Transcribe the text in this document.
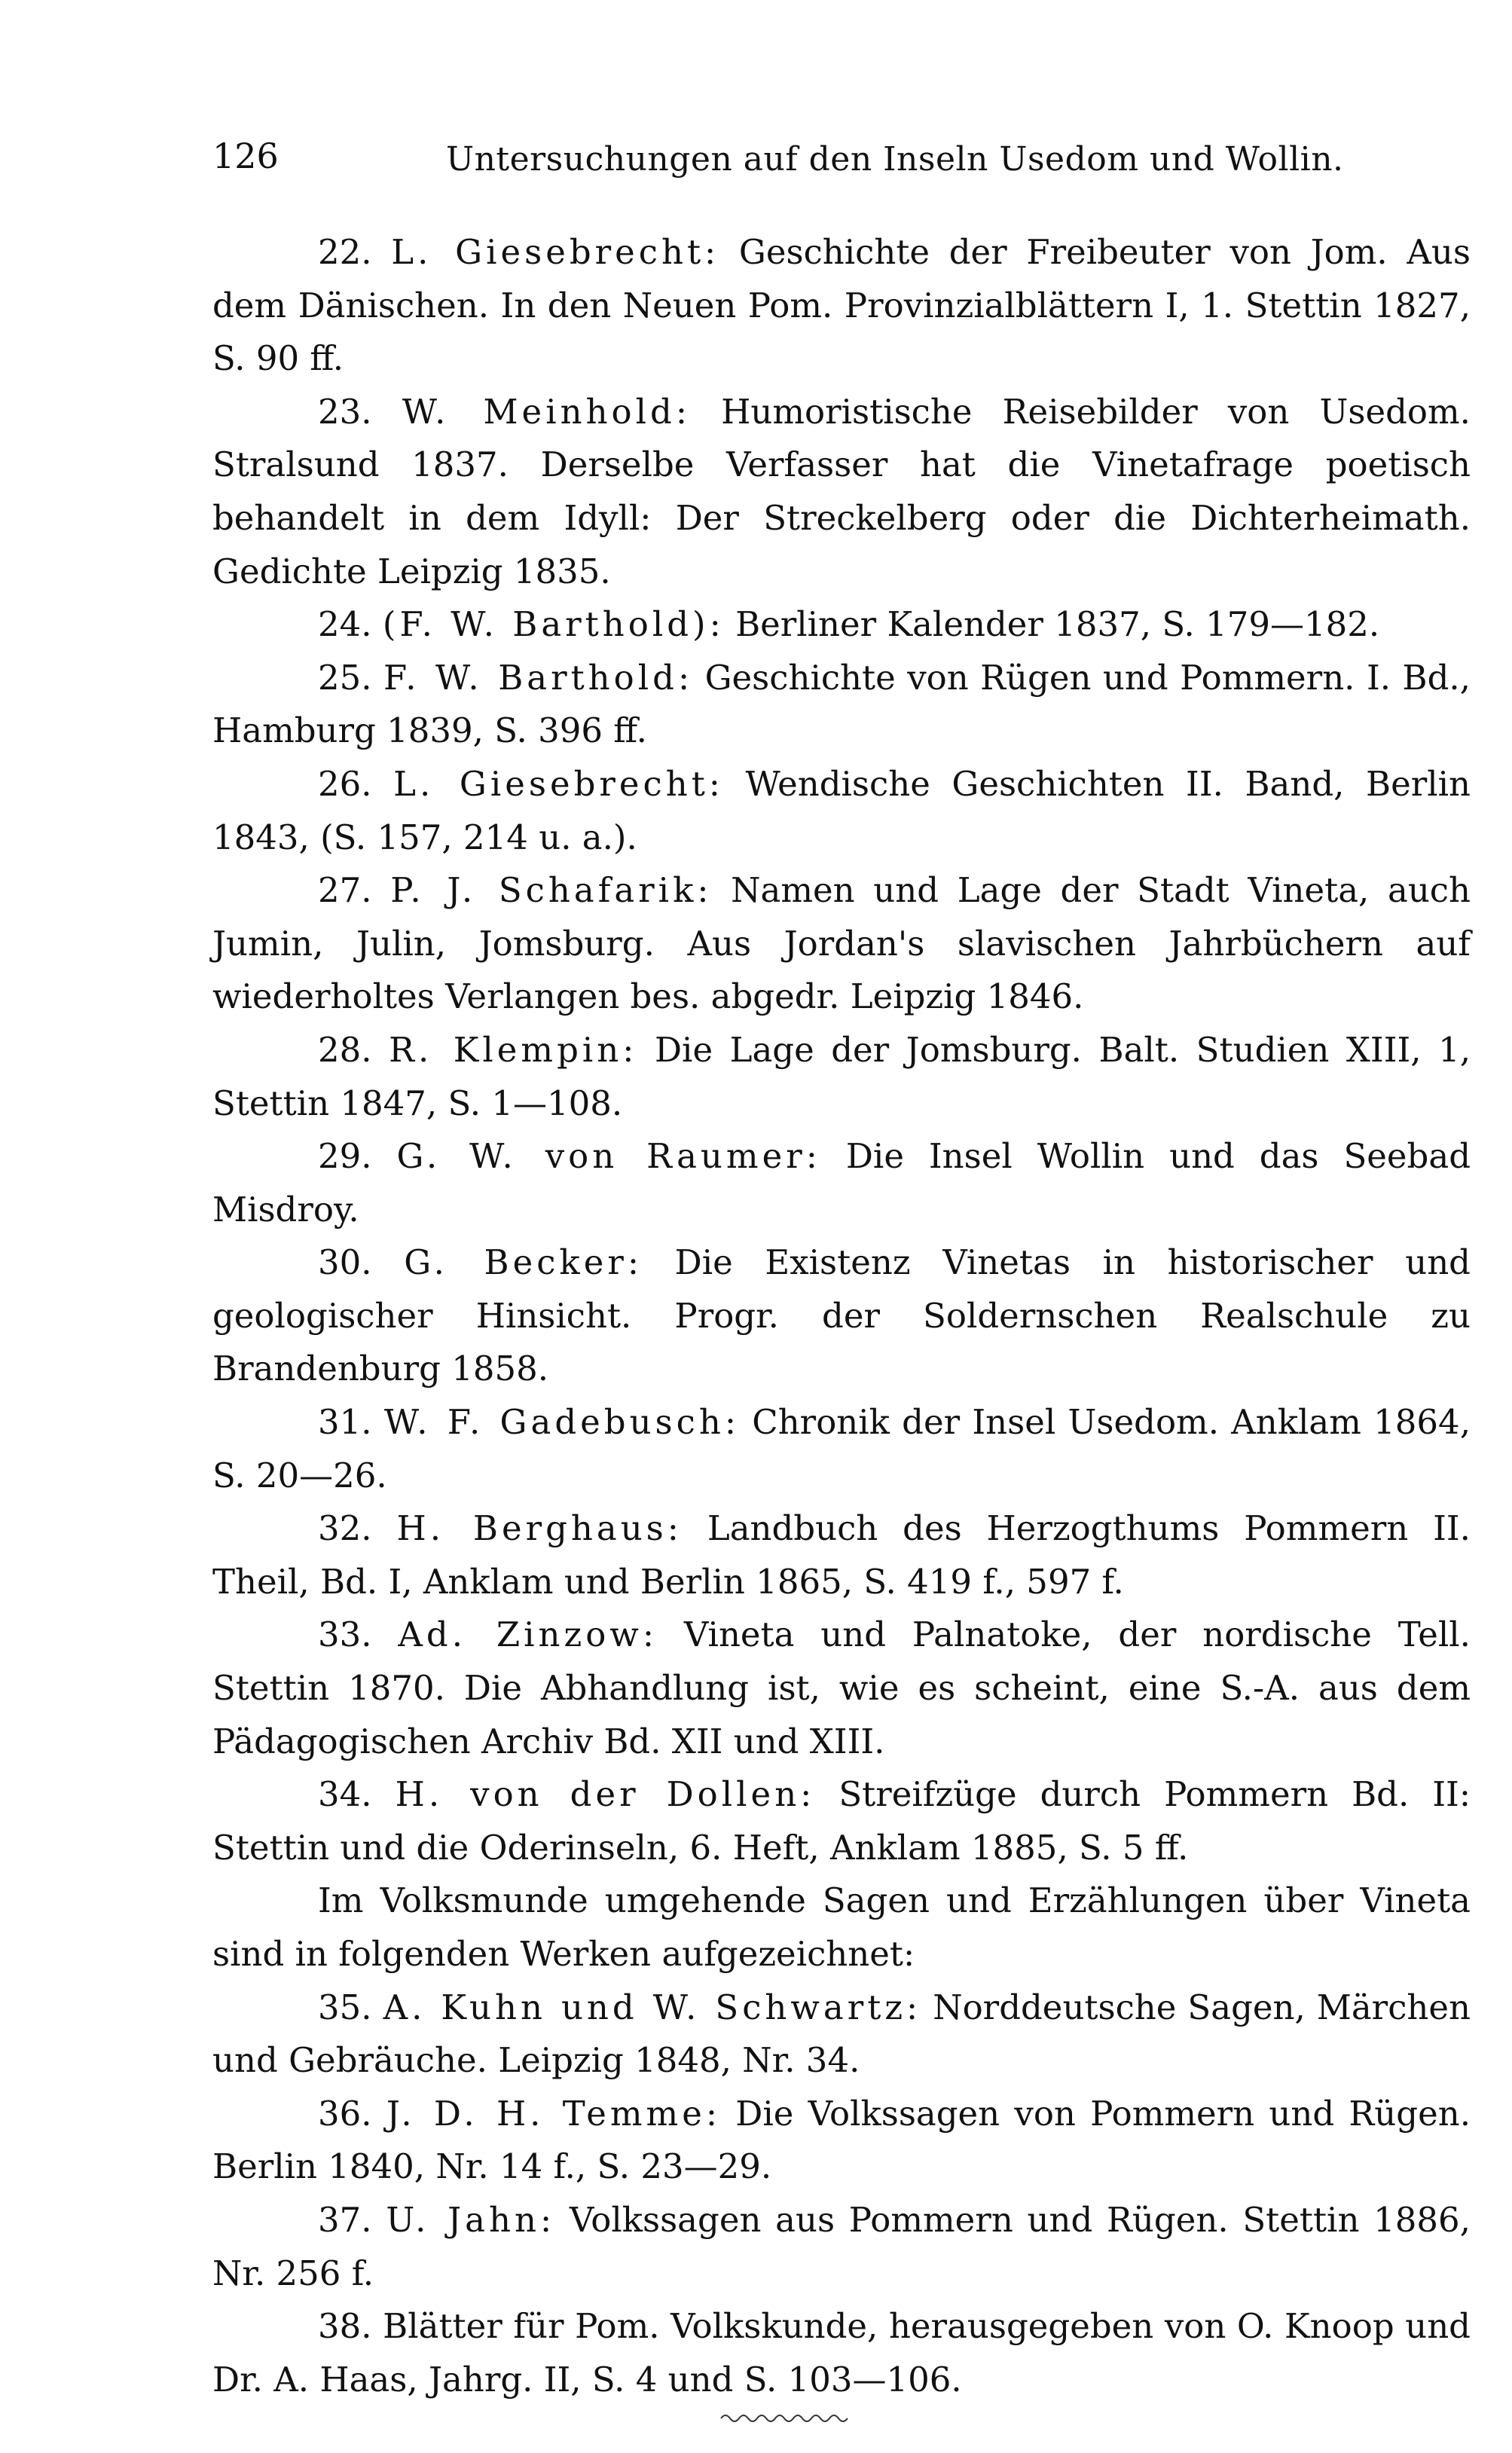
126	Untersuchungen auf den Inseln Usedom und Wollin.

22. L. Giesebrecht: Geschichte der Freibeuter von Jom. Aus dem Dänischen. In den Neuen Pom. Provinzialblättern I, 1. Stettin 1827, S. 90 ff.

23. W. Meinhold: Humoristische Reisebilder von Usedom. Stralsund 1837. Derselbe Verfasser hat die Vinetafrage poetisch behandelt in dem Idyll: Der Streckelberg oder die Dichterheimath. Gedichte Leipzig 1835.

24. (F. W. Barthold): Berliner Kalender 1837, S. 179—182.

25. F. W. Barthold: Geschichte von Rügen und Pommern. I. Bd., Hamburg 1839, S. 396 ff.

26. L. Giesebrecht: Wendische Geschichten II. Band, Berlin 1843, (S. 157, 214 u. a.).

27. P. J. Schafarik: Namen und Lage der Stadt Vineta, auch Jumin, Julin, Jomsburg. Aus Jordan's slavischen Jahrbüchern auf wiederholtes Verlangen bes. abgedr. Leipzig 1846.

28. R. Klempin: Die Lage der Jomsburg. Balt. Studien XIII, 1, Stettin 1847, S. 1—108.

29. G. W. von Raumer: Die Insel Wollin und das Seebad Misdroy.

30. G. Becker: Die Existenz Vinetas in historischer und geologischer Hinsicht. Progr. der Soldernschen Realschule zu Brandenburg 1858.

31. W. F. Gadebusch: Chronik der Insel Usedom. Anklam 1864, S. 20—26.

32. H. Berghaus: Landbuch des Herzogthums Pommern II. Theil, Bd. I, Anklam und Berlin 1865, S. 419 f., 597 f.

33. Ad. Zinzow: Vineta und Palnatoke, der nordische Tell. Stettin 1870. Die Abhandlung ist, wie es scheint, eine S.-A. aus dem Pädagogischen Archiv Bd. XII und XIII.

34. H. von der Dollen: Streifzüge durch Pommern Bd. II: Stettin und die Oderinseln, 6. Heft, Anklam 1885, S. 5 ff.

Im Volksmunde umgehende Sagen und Erzählungen über Vineta sind in folgenden Werken aufgezeichnet:

35. A. Kuhn und W. Schwartz: Norddeutsche Sagen, Märchen und Gebräuche. Leipzig 1848, Nr. 34.

36. J. D. H. Temme: Die Volkssagen von Pommern und Rügen. Berlin 1840, Nr. 14 f., S. 23—29.

37. U. Jahn: Volkssagen aus Pommern und Rügen. Stettin 1886, Nr. 256 f.

38. Blätter für Pom. Volkskunde, herausgegeben von O. Knoop und Dr. A. Haas, Jahrg. II, S. 4 und S. 103—106.
